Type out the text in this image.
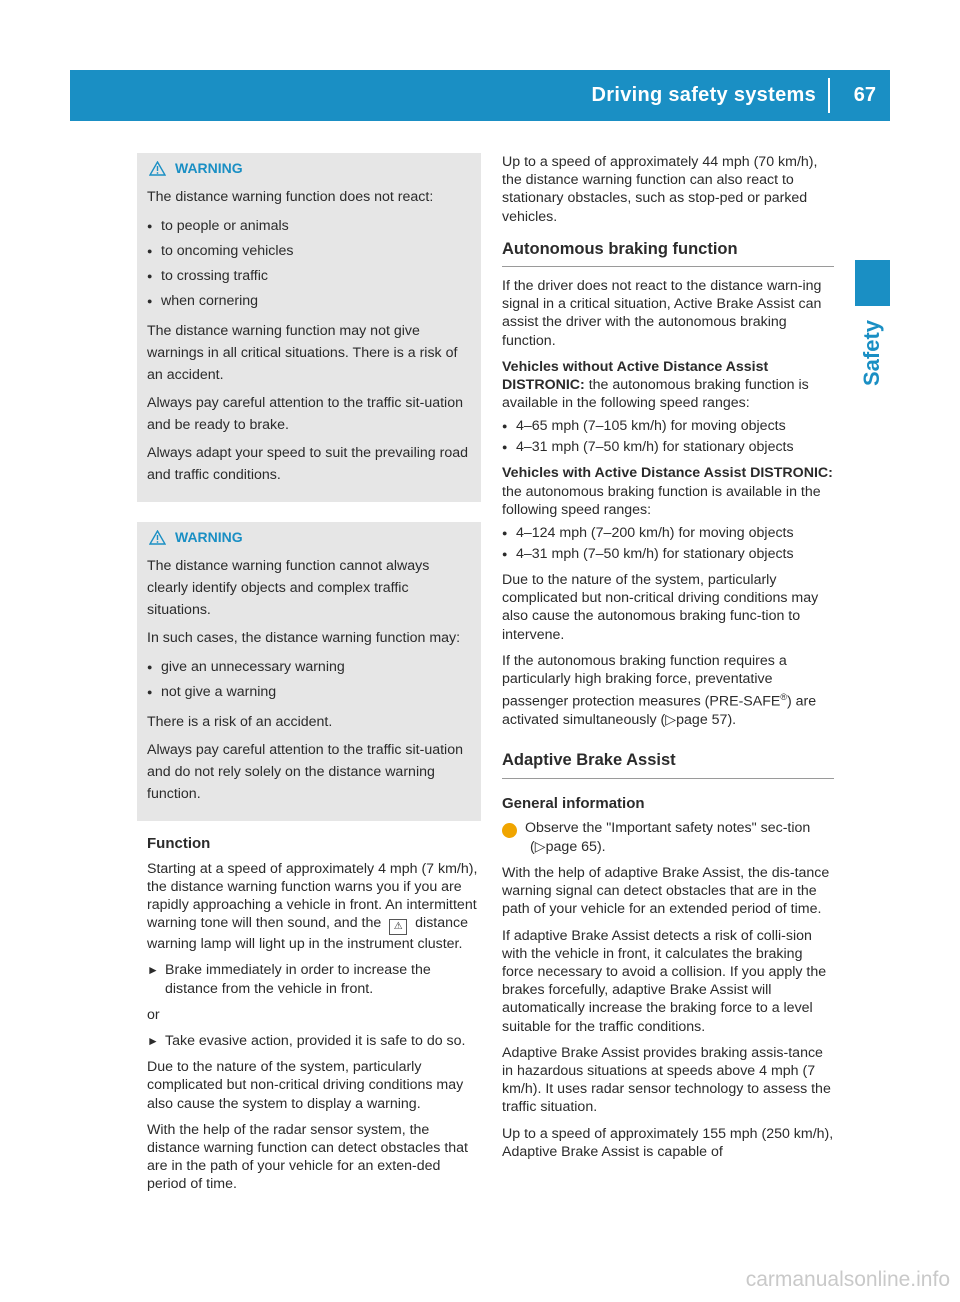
Driving safety systems 67
Safety
WARNING

The distance warning function does not react:

● to people or animals
● to oncoming vehicles
● to crossing traffic
● when cornering

The distance warning function may not give warnings in all critical situations. There is a risk of an accident.

Always pay careful attention to the traffic sit-uation and be ready to brake.

Always adapt your speed to suit the prevailing road and traffic conditions.

WARNING

The distance warning function cannot always clearly identify objects and complex traffic situations.

In such cases, the distance warning function may:

● give an unnecessary warning
● not give a warning

There is a risk of an accident.

Always pay careful attention to the traffic sit-uation and do not rely solely on the distance warning function.

Function

Starting at a speed of approximately 4 mph (7 km/h), the distance warning function warns you if you are rapidly approaching a vehicle in front. An intermittent warning tone will then sound, and the ⚠ distance warning lamp will light up in the instrument cluster.

► Brake immediately in order to increase the distance from the vehicle in front.

or

► Take evasive action, provided it is safe to do so.

Due to the nature of the system, particularly complicated but non-critical driving conditions may also cause the system to display a warning.

With the help of the radar sensor system, the distance warning function can detect obstacles that are in the path of your vehicle for an exten-ded period of time.

Up to a speed of approximately 44 mph (70 km/h), the distance warning function can also react to stationary obstacles, such as stop-ped or parked vehicles.

Autonomous braking function

If the driver does not react to the distance warn-ing signal in a critical situation, Active Brake Assist can assist the driver with the autonomous braking function.

Vehicles without Active Distance Assist DISTRONIC: the autonomous braking function is available in the following speed ranges:

● 4–65 mph (7–105 km/h) for moving objects
● 4–31 mph (7–50 km/h) for stationary objects

Vehicles with Active Distance Assist DISTRONIC: the autonomous braking function is available in the following speed ranges:

● 4–124 mph (7–200 km/h) for moving objects
● 4–31 mph (7–50 km/h) for stationary objects

Due to the nature of the system, particularly complicated but non-critical driving conditions may also cause the autonomous braking func-tion to intervene.

If the autonomous braking function requires a particularly high braking force, preventative passenger protection measures (PRE-SAFE®) are activated simultaneously (▷page 57).

Adaptive Brake Assist
General information

i Observe the "Important safety notes" sec-tion (▷page 65).

With the help of adaptive Brake Assist, the dis-tance warning signal can detect obstacles that are in the path of your vehicle for an extended period of time.

If adaptive Brake Assist detects a risk of colli-sion with the vehicle in front, it calculates the braking force necessary to avoid a collision. If you apply the brakes forcefully, adaptive Brake Assist will automatically increase the braking force to a level suitable for the traffic conditions.

Adaptive Brake Assist provides braking assis-tance in hazardous situations at speeds above 4 mph (7 km/h). It uses radar sensor technology to assess the traffic situation.

Up to a speed of approximately 155 mph (250 km/h), Adaptive Brake Assist is capable of

carmanualsonline.info
